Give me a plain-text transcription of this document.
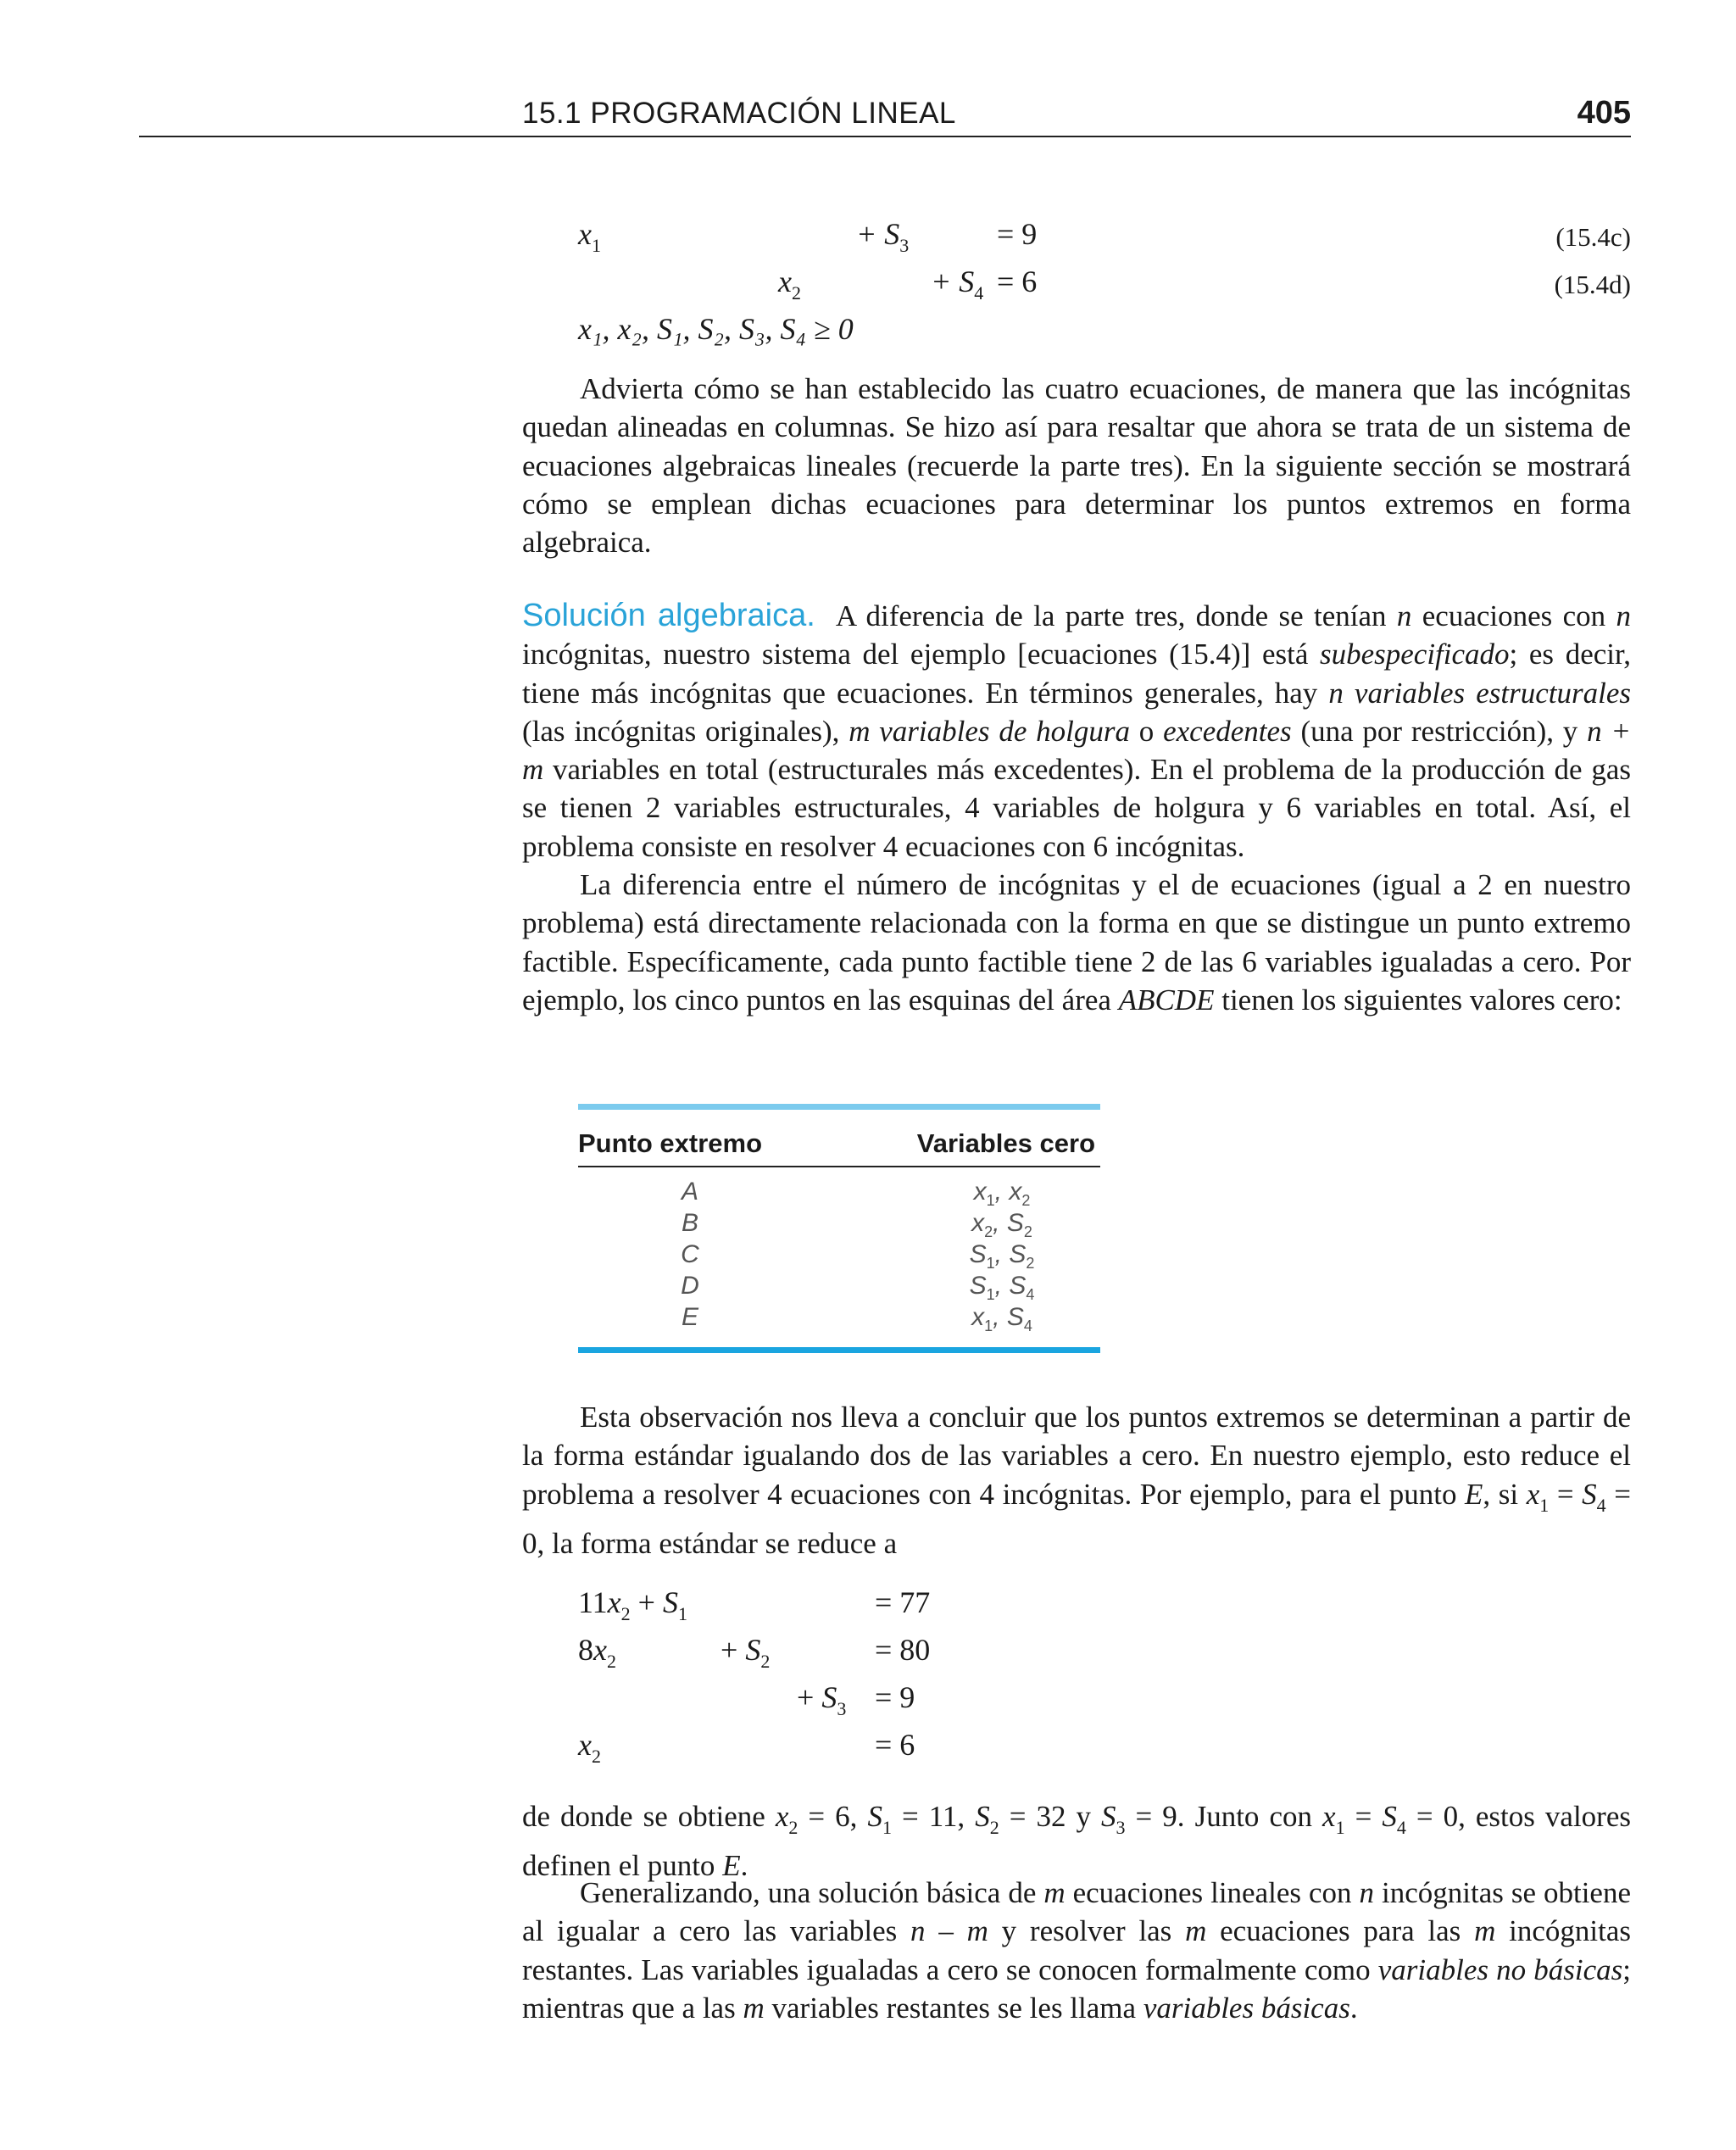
15.1 PROGRAMACIÓN LINEAL	405
$x_1$	+ $S_3$	= 9	(15.4c)
$x_2$	+ $S_4 = 6$	(15.4d)
x₁, x₂, S₁, S₂, S₃, S₄ ≥ 0

Advierta cómo se han establecido las cuatro ecuaciones, de manera que las incógnitas quedan alineadas en columnas. Se hizo así para resaltar que ahora se trata de un sistema de ecuaciones algebraicas lineales (recuerde la parte tres). En la siguiente sección se mostrará cómo se emplean dichas ecuaciones para determinar los puntos extremos en forma algebraica.

Solución algebraica. A diferencia de la parte tres, donde se tenían n ecuaciones con n incógnitas, nuestro sistema del ejemplo [ecuaciones (15.4)] está subespecificado; es decir, tiene más incógnitas que ecuaciones. En términos generales, hay n variables estructurales (las incógnitas originales), m variables de holgura o excedentes (una por restricción), y n + m variables en total (estructurales más excedentes). En el problema de la producción de gas se tienen 2 variables estructurales, 4 variables de holgura y 6 variables en total. Así, el problema consiste en resolver 4 ecuaciones con 6 incógnitas.

La diferencia entre el número de incógnitas y el de ecuaciones (igual a 2 en nuestro problema) está directamente relacionada con la forma en que se distingue un punto extremo factible. Específicamente, cada punto factible tiene 2 de las 6 variables igualadas a cero. Por ejemplo, los cinco puntos en las esquinas del área ABCDE tienen los siguientes valores cero:

Punto extremo	Variables cero
A	$x_1$, $x_2$
B	$x_2$, $S_2$
C	$S_1$, $S_2$
D	$S_1$, $S_4$
E	$x_1$, $S_4$

Esta observación nos lleva a concluir que los puntos extremos se determinan a partir de la forma estándar igualando dos de las variables a cero. En nuestro ejemplo, esto reduce el problema a resolver 4 ecuaciones con 4 incógnitas. Por ejemplo, para el punto E, si $x_1 = S_4 = 0$, la forma estándar se reduce a

$11x_2 + S_1$	= 77
$8x_2$	+ $S_2$	= 80
+ $S_3 = 9$
$x_2$	= 6

de donde se obtiene $x_2 = 6$, $S_1 = 11$, $S_2 = 32$ y $S_3 = 9$. Junto con $x_1 = S_4 = 0$, estos valores definen el punto E.

Generalizando, una solución básica de m ecuaciones lineales con n incógnitas se obtiene al igualar a cero las variables n – m y resolver las m ecuaciones para las m incógnitas restantes. Las variables igualadas a cero se conocen formalmente como variables no básicas; mientras que a las m variables restantes se les llama variables básicas.
